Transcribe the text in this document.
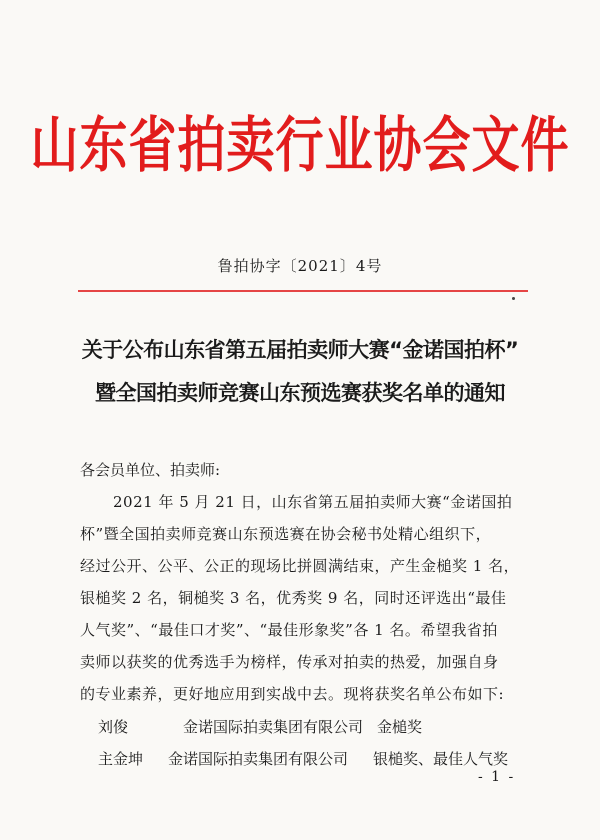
山东省拍卖行业协会文件
鲁拍协字〔2021〕4号
关于公布山东省第五届拍卖师大赛“金诺国拍杯”
暨全国拍卖师竞赛山东预选赛获奖名单的通知
各会员单位、拍卖师:
2021 年 5 月 21 日，山东省第五届拍卖师大赛“金诺国拍
杯”暨全国拍卖师竞赛山东预选赛在协会秘书处精心组织下，
经过公开、公平、公正的现场比拼圆满结束，产生金槌奖 1 名，
银槌奖 2 名，铜槌奖 3 名，优秀奖 9 名，同时还评选出“最佳
人气奖”、“最佳口才奖”、“最佳形象奖”各 1 名。希望我省拍
卖师以获奖的优秀选手为榜样，传承对拍卖的热爱，加强自身
的专业素养，更好地应用到实战中去。现将获奖名单公布如下:
刘俊	金诺国际拍卖集团有限公司 金槌奖
主金坤 金诺国际拍卖集团有限公司 银槌奖、最佳人气奖
- 1 -
